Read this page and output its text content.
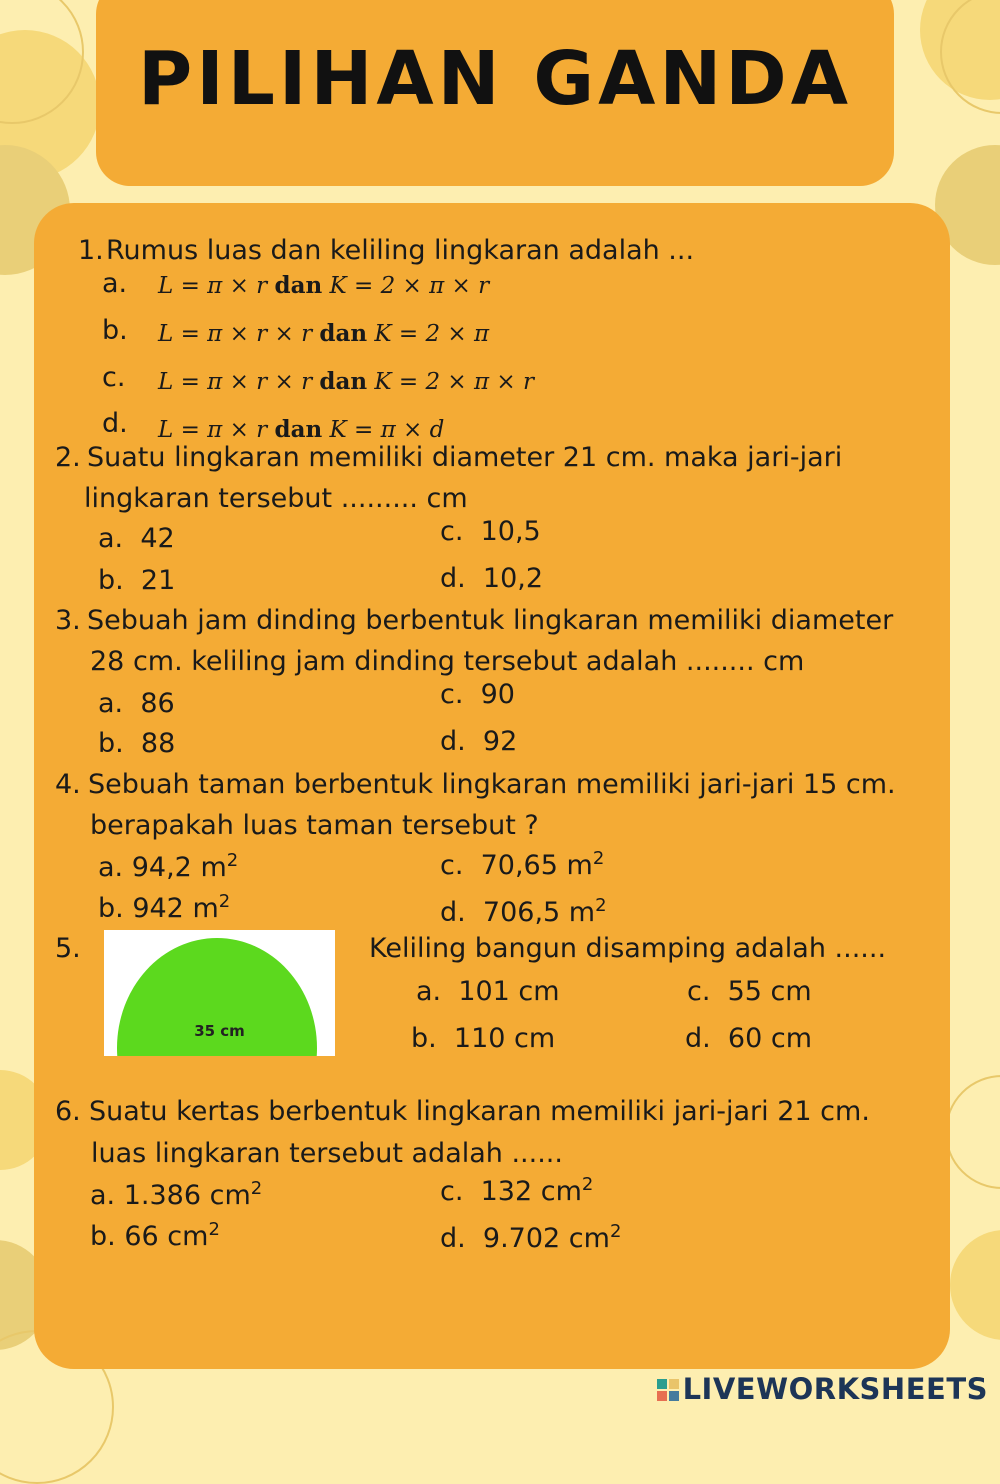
PILIHAN GANDA
1. Rumus luas dan keliling lingkaran adalah ...
a. L = π × r dan K = 2 × π × r
b. L = π × r × r dan K = 2 × π
c. L = π × r × r dan K = 2 × π × r
d. L = π × r dan K = π × d
2. Suatu lingkaran memiliki diameter 21 cm. maka jari-jari
lingkaran tersebut ......... cm
a. 42
b. 21
c. 10,5
d. 10,2
3. Sebuah jam dinding berbentuk lingkaran memiliki diameter
28 cm. keliling jam dinding tersebut adalah ........ cm
a. 86
b. 88
c. 90
d. 92
4. Sebuah taman berbentuk lingkaran memiliki jari-jari 15 cm.
berapakah luas taman tersebut ?
a. 94,2 $m^2$
b. 942 $m^2$
c. 70,65 $m^2$
d. 706,5 $m^2$
5.
35 cm
Keliling bangun disamping adalah ......
a. 101 cm
b. 110 cm
c. 55 cm
d. 60 cm
6. Suatu kertas berbentuk lingkaran memiliki jari-jari 21 cm.
luas lingkaran tersebut adalah ......
a. 1.386 $cm^2$
b. 66 $cm^2$
c. 132 $cm^2$
d. 9.702 $cm^2$
LIVEWORKSHEETS
